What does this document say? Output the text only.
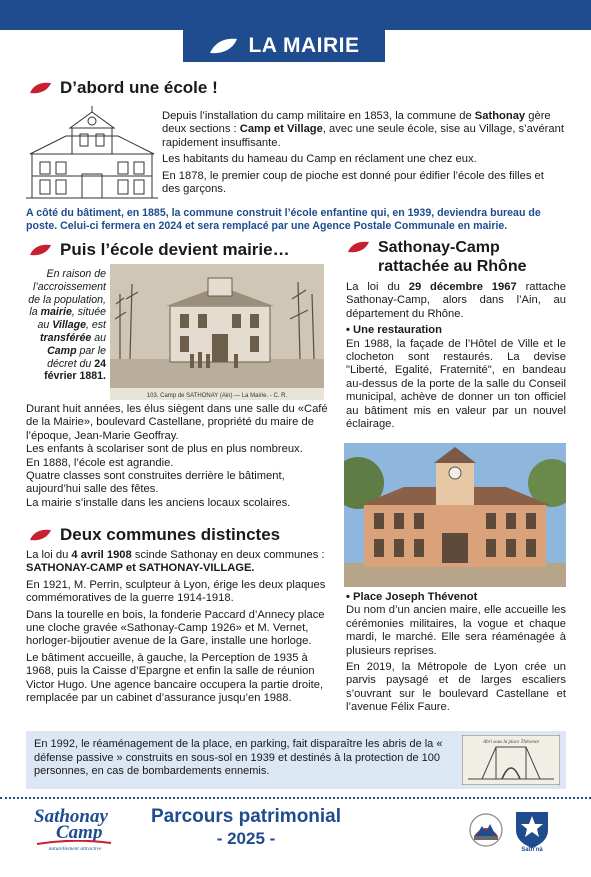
LA MAIRIE
D’abord une école !

Depuis l’installation du camp militaire en 1853, la commune de Sathonay gère deux sections : Camp et Village, avec une seule école, sise au Village, s’avérant rapidement insuffisante.

Les habitants du hameau du Camp en réclament une chez eux.

En 1878, le premier coup de pioche est donné pour édifier l’école des filles et des garçons.

A côté du bâtiment, en 1885, la commune construit l’école enfantine qui, en 1939, deviendra bureau de poste. Celui-ci fermera en 2024 et sera remplacé par une Agence Postale Communale en mairie.
Puis l’école devient mairie…
En raison de l’accroissement de la population, la mairie, située au Village, est transférée au Camp par le décret du 24 février 1881.
103. Camp de SATHONAY (Ain) — La Mairie. - C. R.

Durant huit années, les élus siègent dans une salle du «Café de la Mairie», boulevard Castellane, propriété du maire de l’époque, Jean-Marie Geoffray.

Les enfants à scolariser sont de plus en plus nombreux.

En 1888, l’école est agrandie.

Quatre classes sont construites derrière le bâtiment, aujourd’hui salle des fêtes.

La mairie s’installe dans les anciens locaux scolaires.

Deux communes distinctes

La loi du 4 avril 1908 scinde Sathonay en deux communes : SATHONAY-CAMP et SATHONAY-VILLAGE.

En 1921, M. Perrin, sculpteur à Lyon, érige les deux plaques commémoratives de la guerre 1914-1918.

Dans la tourelle en bois, la fonderie Paccard d’Annecy place une cloche gravée «Sathonay-Camp 1926» et M. Vernet, horloger-bijoutier avenue de la Gare, installe une horloge.

Le bâtiment accueille, à gauche, la Perception de 1935 à 1968, puis la Caisse d’Epargne et enfin la salle de réunion Victor Hugo. Une agence bancaire occupera la partie droite, remplacée par un cabinet d’assurance jusqu’en 1988.

Sathonay-Camp
rattachée au Rhône

La loi du 29 décembre 1967 rattache Sathonay-Camp, alors dans l’Ain, au département du Rhône.

• Une restauration

En 1988, la façade de l’Hôtel de Ville et le clocheton sont restaurés. La devise "Liberté, Egalité, Fraternité", en bandeau au-dessus de la porte de la salle du Conseil municipal, achève de donner un ton officiel au bâtiment mis en valeur par un nouvel éclairage.

• Place Joseph Thévenot

Du nom d’un ancien maire, elle accueille les cérémonies militaires, la vogue et chaque mardi, le marché. Elle sera réaménagée à plusieurs reprises.

En 2019, la Métropole de Lyon crée un parvis paysagé et de larges escaliers s’ouvrant sur le boulevard Castellane et l’avenue Félix Faure.

En 1992, le réaménagement de la place, en parking, fait disparaître les abris de la « défense passive » construits en sous-sol en 1939 et destinés à la protection de 100 personnes, en cas de bombardements ennemis.
Abri sous la place Thévenot
Sathonay
Camp
naturellement attractive
Parcours patrimonial
- 2025 -
Sath'nà
